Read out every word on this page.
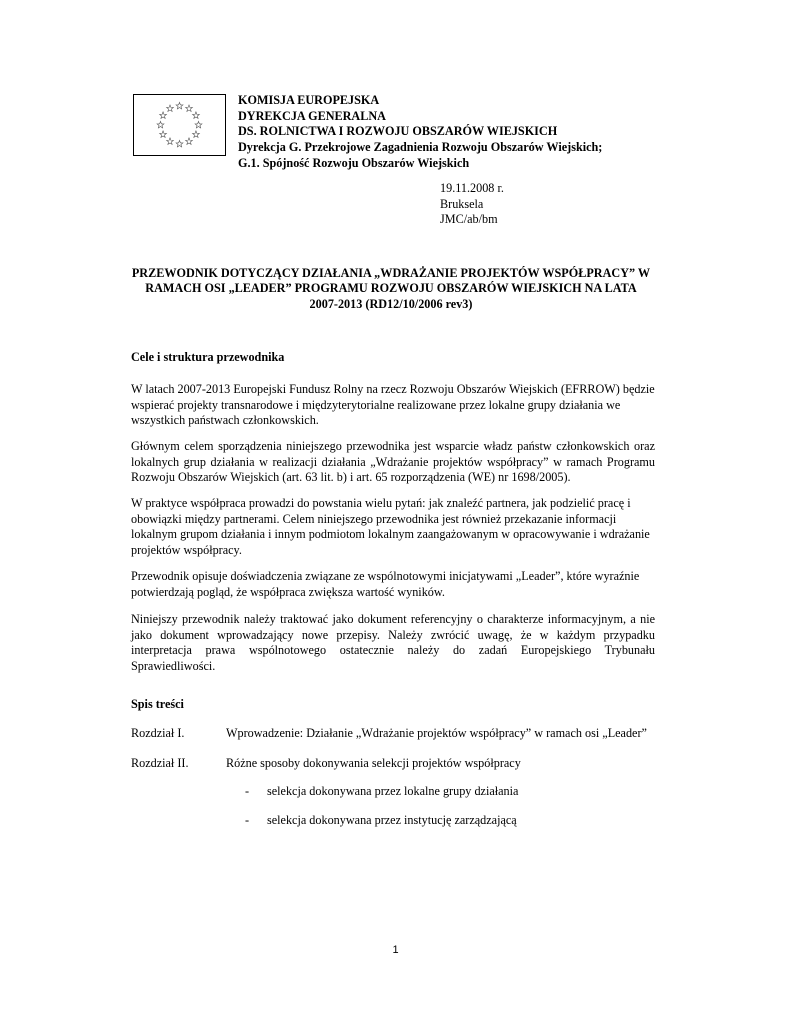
KOMISJA EUROPEJSKA
DYREKCJA GENERALNA
DS. ROLNICTWA I ROZWOJU OBSZARÓW WIEJSKICH
Dyrekcja G. Przekrojowe Zagadnienia Rozwoju Obszarów Wiejskich;
G.1. Spójność Rozwoju Obszarów Wiejskich
19.11.2008 r.
Bruksela
JMC/ab/bm
PRZEWODNIK DOTYCZĄCY DZIAŁANIA „WDRAŻANIE PROJEKTÓW WSPÓŁPRACY” W
RAMACH OSI „LEADER” PROGRAMU ROZWOJU OBSZARÓW WIEJSKICH NA LATA
2007-2013 (RD12/10/2006 rev3)
Cele i struktura przewodnika

W latach 2007-2013 Europejski Fundusz Rolny na rzecz Rozwoju Obszarów Wiejskich (EFRROW) będzie wspierać projekty transnarodowe i międzyterytorialne realizowane przez lokalne grupy działania we wszystkich państwach członkowskich.

Głównym celem sporządzenia niniejszego przewodnika jest wsparcie władz państw członkowskich oraz lokalnych grup działania w realizacji działania „Wdrażanie projektów współpracy” w ramach Programu Rozwoju Obszarów Wiejskich (art. 63 lit. b) i art. 65 rozporządzenia (WE) nr 1698/2005).

W praktyce współpraca prowadzi do powstania wielu pytań: jak znaleźć partnera, jak podzielić pracę i obowiązki między partnerami. Celem niniejszego przewodnika jest również przekazanie informacji lokalnym grupom działania i innym podmiotom lokalnym zaangażowanym w opracowywanie i wdrażanie projektów współpracy.

Przewodnik opisuje doświadczenia związane ze wspólnotowymi inicjatywami „Leader”, które wyraźnie potwierdzają pogląd, że współpraca zwiększa wartość wyników.

Niniejszy przewodnik należy traktować jako dokument referencyjny o charakterze informacyjnym, a nie jako dokument wprowadzający nowe przepisy. Należy zwrócić uwagę, że w każdym przypadku interpretacja prawa wspólnotowego ostatecznie należy do zadań Europejskiego Trybunału Sprawiedliwości.

Spis treści
Rozdział I.	Wprowadzenie: Działanie „Wdrażanie projektów współpracy” w ramach osi „Leader”
Rozdział II.	Różne sposoby dokonywania selekcji projektów współpracy
- selekcja dokonywana przez lokalne grupy działania
- selekcja dokonywana przez instytucję zarządzającą
1
